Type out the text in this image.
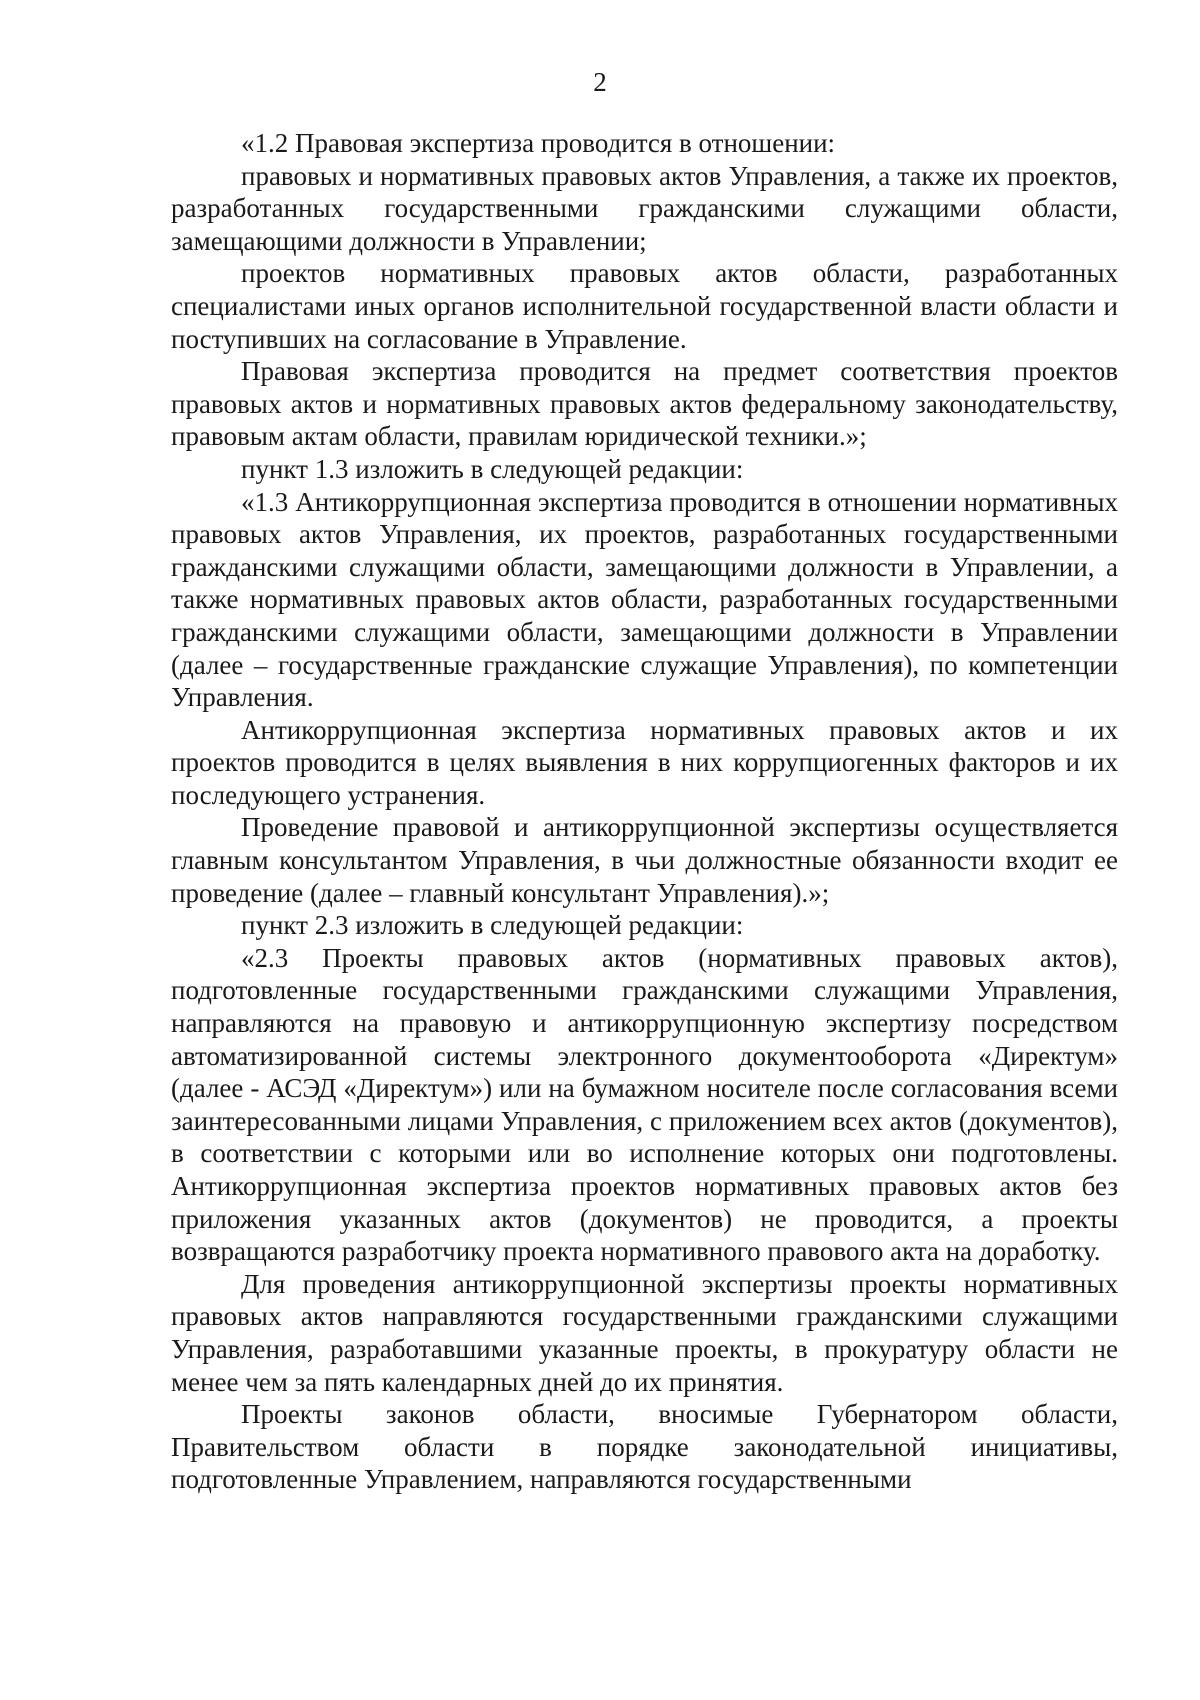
2

«1.2 Правовая экспертиза проводится в отношении:

правовых и нормативных правовых актов Управления, а также их проектов, разработанных государственными гражданскими служащими области, замещающими должности в Управлении;

проектов нормативных правовых актов области, разработанных специалистами иных органов исполнительной государственной власти области и поступивших на согласование в Управление.

Правовая экспертиза проводится на предмет соответствия проектов правовых актов и нормативных правовых актов федеральному законодательству, правовым актам области, правилам юридической техники.»;

пункт 1.3 изложить в следующей редакции:

«1.3 Антикоррупционная экспертиза проводится в отношении нормативных правовых актов Управления, их проектов, разработанных государственными гражданскими служащими области, замещающими должности в Управлении, а также нормативных правовых актов области, разработанных государственными гражданскими служащими области, замещающими должности в Управлении (далее – государственные гражданские служащие Управления), по компетенции Управления.

Антикоррупционная экспертиза нормативных правовых актов и их проектов проводится в целях выявления в них коррупциогенных факторов и их последующего устранения.

Проведение правовой и антикоррупционной экспертизы осуществляется главным консультантом Управления, в чьи должностные обязанности входит ее проведение (далее – главный консультант Управления).»;

пункт 2.3 изложить в следующей редакции:

«2.3 Проекты правовых актов (нормативных правовых актов), подготовленные государственными гражданскими служащими Управления, направляются на правовую и антикоррупционную экспертизу посредством автоматизированной системы электронного документооборота «Директум» (далее - АСЭД «Директум») или на бумажном носителе после согласования всеми заинтересованными лицами Управления, с приложением всех актов (документов), в соответствии с которыми или во исполнение которых они подготовлены. Антикоррупционная экспертиза проектов нормативных правовых актов без приложения указанных актов (документов) не проводится, а проекты возвращаются разработчику проекта нормативного правового акта на доработку.

Для проведения антикоррупционной экспертизы проекты нормативных правовых актов направляются государственными гражданскими служащими Управления, разработавшими указанные проекты, в прокуратуру области не менее чем за пять календарных дней до их принятия.

Проекты законов области, вносимые Губернатором области, Правительством области в порядке законодательной инициативы, подготовленные Управлением, направляются государственными
